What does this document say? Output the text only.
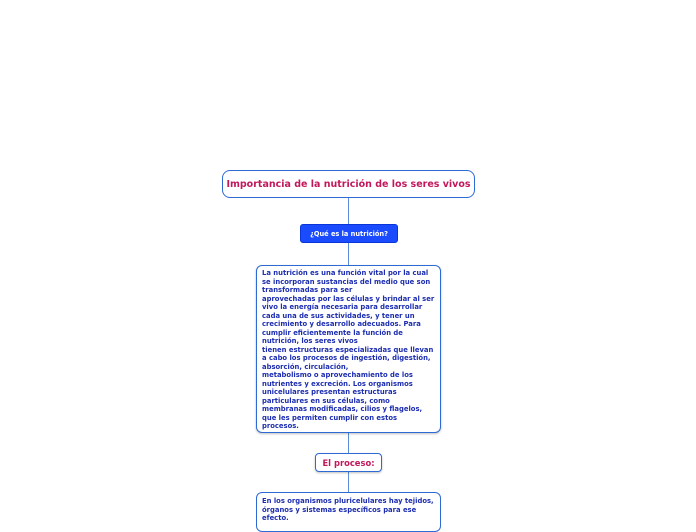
Importancia de la nutrición de los seres vivos
¿Qué es la nutrición?
La nutrición es una función vital por la cual se incorporan sustancias del medio que son transformadas para ser
aprovechadas por las células y brindar al ser vivo la energía necesaria para desarrollar cada una de sus actividades, y tener un crecimiento y desarrollo adecuados. Para cumplir eficientemente la función de nutrición, los seres vivos
tienen estructuras especializadas que llevan a cabo los procesos de ingestión, digestión, absorción, circulación,
metabolismo o aprovechamiento de los nutrientes y excreción. Los organismos unicelulares presentan estructuras particulares en sus células, como membranas modificadas, cilios y flagelos, que les permiten cumplir con estos procesos.
El proceso:
En los organismos pluricelulares hay tejidos, órganos y sistemas específicos para ese efecto.
